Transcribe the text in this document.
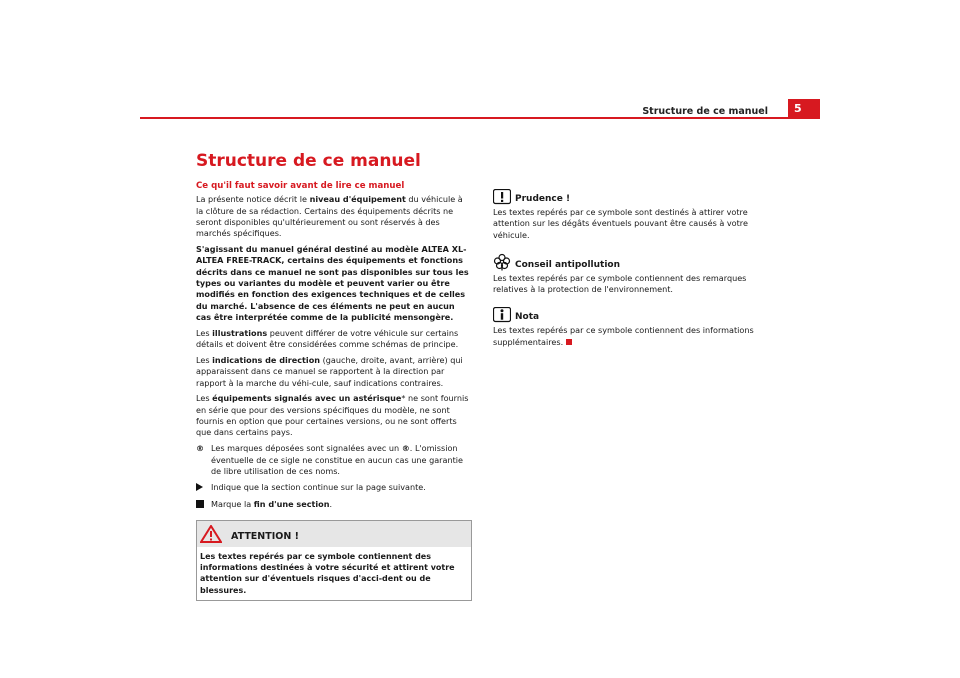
Structure de ce manuel	5
Structure de ce manuel
Ce qu'il faut savoir avant de lire ce manuel

La présente notice décrit le niveau d'équipement du véhicule à la clôture de sa rédaction. Certains des équipements décrits ne seront disponibles qu'ultérieurement ou sont réservés à des marchés spécifiques.

S'agissant du manuel général destiné au modèle ALTEA XL-ALTEA FREE-TRACK, certains des équipements et fonctions décrits dans ce manuel ne sont pas disponibles sur tous les types ou variantes du modèle et peuvent varier ou être modifiés en fonction des exigences techniques et de celles du marché. L'absence de ces éléments ne peut en aucun cas être interprétée comme de la publicité mensongère.

Les illustrations peuvent différer de votre véhicule sur certains détails et doivent être considérées comme schémas de principe.

Les indications de direction (gauche, droite, avant, arrière) qui apparaissent dans ce manuel se rapportent à la direction par rapport à la marche du véhi-cule, sauf indications contraires.

Les équipements signalés avec un astérisque* ne sont fournis en série que pour des versions spécifiques du modèle, ne sont fournis en option que pour certaines versions, ou ne sont offerts que dans certains pays.

® Les marques déposées sont signalées avec un ®. L'omission éventuelle de ce sigle ne constitue en aucun cas une garantie de libre utilisation de ces noms.
Indique que la section continue sur la page suivante.
Marque la fin d'une section.
ATTENTION !
Les textes repérés par ce symbole contiennent des informations destinées à votre sécurité et attirent votre attention sur d'éventuels risques d'acci-dent ou de blessures.
Prudence !

Les textes repérés par ce symbole sont destinés à attirer votre attention sur les dégâts éventuels pouvant être causés à votre véhicule.

Conseil antipollution

Les textes repérés par ce symbole contiennent des remarques relatives à la protection de l'environnement.

Nota

Les textes repérés par ce symbole contiennent des informations supplémentaires.
